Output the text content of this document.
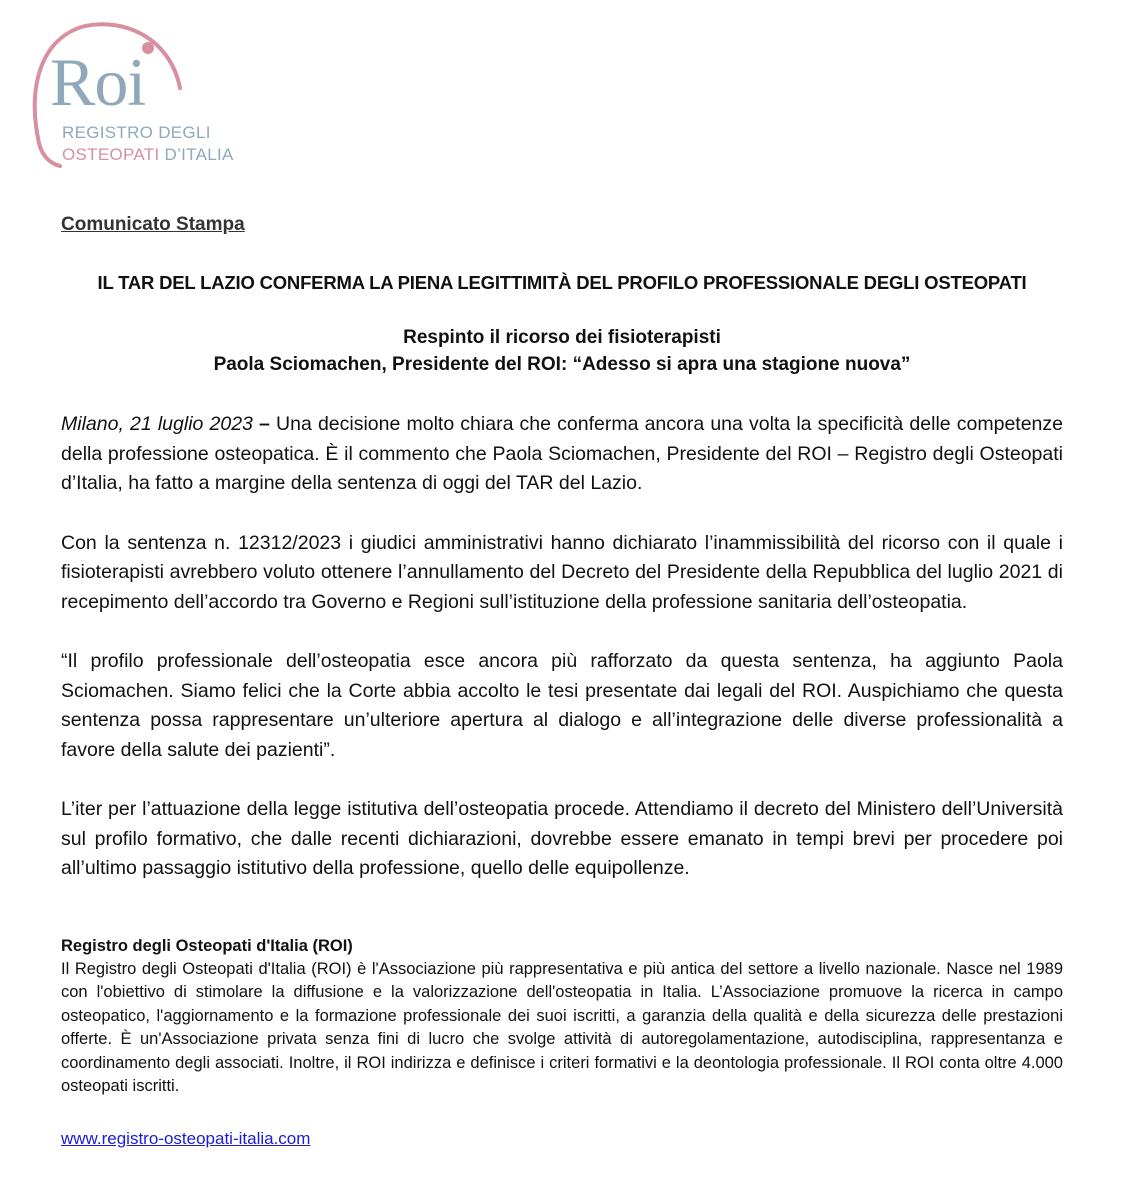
Roi
REGISTRO DEGLI
OSTEOPATI D’ITALIA

Comunicato Stampa

IL TAR DEL LAZIO CONFERMA LA PIENA LEGITTIMITÀ DEL PROFILO PROFESSIONALE DEGLI OSTEOPATI

Respinto il ricorso dei fisioterapisti
Paola Sciomachen, Presidente del ROI: “Adesso si apra una stagione nuova”

Milano, 21 luglio 2023 – Una decisione molto chiara che conferma ancora una volta la specificità delle competenze della professione osteopatica. È il commento che Paola Sciomachen, Presidente del ROI – Registro degli Osteopati d’Italia, ha fatto a margine della sentenza di oggi del TAR del Lazio.

Con la sentenza n. 12312/2023 i giudici amministrativi hanno dichiarato l’inammissibilità del ricorso con il quale i fisioterapisti avrebbero voluto ottenere l’annullamento del Decreto del Presidente della Repubblica del luglio 2021 di recepimento dell’accordo tra Governo e Regioni sull’istituzione della professione sanitaria dell’osteopatia.

“Il profilo professionale dell’osteopatia esce ancora più rafforzato da questa sentenza, ha aggiunto Paola Sciomachen. Siamo felici che la Corte abbia accolto le tesi presentate dai legali del ROI. Auspichiamo che questa sentenza possa rappresentare un’ulteriore apertura al dialogo e all’integrazione delle diverse professionalità a favore della salute dei pazienti”.

L’iter per l’attuazione della legge istitutiva dell’osteopatia procede. Attendiamo il decreto del Ministero dell’Università sul profilo formativo, che dalle recenti dichiarazioni, dovrebbe essere emanato in tempi brevi per procedere poi all’ultimo passaggio istitutivo della professione, quello delle equipollenze.

Registro degli Osteopati d'Italia (ROI)

Il Registro degli Osteopati d'Italia (ROI) è l'Associazione più rappresentativa e più antica del settore a livello nazionale. Nasce nel 1989 con l'obiettivo di stimolare la diffusione e la valorizzazione dell'osteopatia in Italia. L’Associazione promuove la ricerca in campo osteopatico, l'aggiornamento e la formazione professionale dei suoi iscritti, a garanzia della qualità e della sicurezza delle prestazioni offerte. È un'Associazione privata senza fini di lucro che svolge attività di autoregolamentazione, autodisciplina, rappresentanza e coordinamento degli associati. Inoltre, il ROI indirizza e definisce i criteri formativi e la deontologia professionale. Il ROI conta oltre 4.000 osteopati iscritti.

www.registro-osteopati-italia.com
